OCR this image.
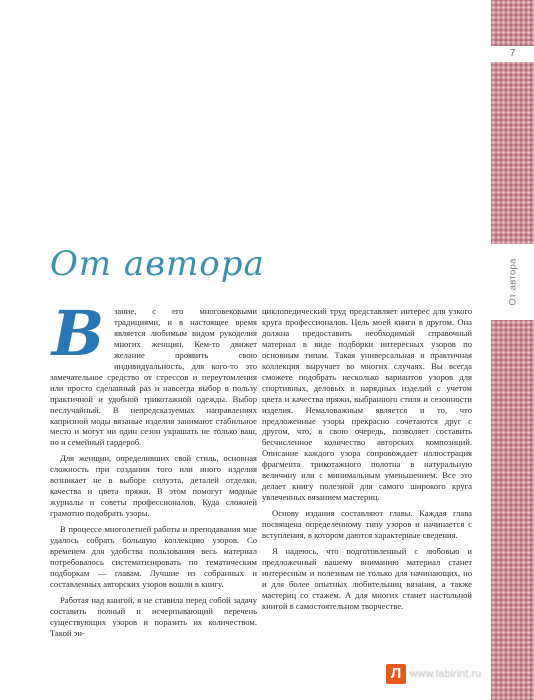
7
От автора
От автора
В	зание, с его многовековыми традициями, и в настоящее время является любимым видом рукоделия многих женщин. Кем-то движет желание проявить свою индивидуальность, для кого-то это замечательное средство от стрессов и переутомления или просто сделанный раз и навсегда выбор в пользу практичной и удобной трикотажной одежды. Выбор неслучайный. В непредсказуемых направлениях капризной моды вязаные изделия занимают стабильное место и могут ни один сезон украшать не только ваш, но и семейный гардероб.

Для женщин, определивших свой стиль, основная сложность при создании того или иного изделия возникает не в выборе силуэта, деталей отделки, качества и цвета пряжи. В этом помогут модные журналы и советы профессионалов. Куда сложней грамотно подобрать узоры.

В процессе многолетней работы и преподавания мне удалось собрать большую коллекцию узоров. Со временем для удобства пользования весь материал потребовалось систематизировать по тематическим подборкам — главам. Лучшие из собранных и составленных авторских узоров вошли в книгу.

Работая над книгой, я не ставила перед собой задачу составить полный и исчерпывающий перечень существующих узоров и поразить их количеством. Такой эн-

циклопедический труд представляет интерес для узкого круга профессионалов. Цель моей книги в другом. Она должна предоставить необходимый справочный материал в виде подборки интересных узоров по основным типам. Такая универсальная и практичная коллекция выручает во многих случаях. Вы всегда сможете подобрать несколько вариантов узоров для спортивных, деловых и нарядных изделий с учетом цвета и качества пряжи, выбранного стиля и сезонности изделия. Немаловажным является и то, что предложенные узоры прекрасно сочетаются друг с другом, что, в свою очередь, позволяет составить бесчисленное количество авторских композиций. Описание каждого узора сопровождает иллюстрация фрагмента трикотажного полотна в натуральную величину или с минимальным уменьшением. Все это делает книгу полезной для самого широкого круга увлеченных вязанием мастериц.

Основу издания составляют главы. Каждая глава посвящена определенному типу узоров и начинается с вступления, в котором даются характерные сведения.

Я надеюсь, что подготовленный с любовью и предложенный вашему вниманию материал станет интересным и полезным не только для начинающих, но и для более опытных любительниц вязания, а также мастериц со стажем. А для многих станет настольной книгой в самостоятельном творчестве.

Л www.labirint.ru
